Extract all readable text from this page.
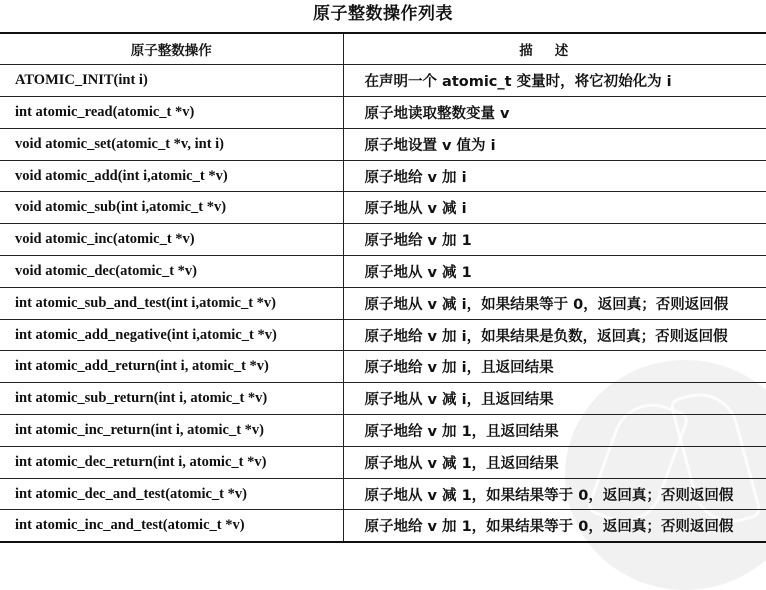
原子整数操作列表
原子整数操作	描述
ATOMIC_INIT(int i)	在声明一个 atomic_t 变量时，将它初始化为 i
int atomic_read(atomic_t *v)	原子地读取整数变量 v
void atomic_set(atomic_t *v, int i)	原子地设置 v 值为 i
void atomic_add(int i,atomic_t *v)	原子地给 v 加 i
void atomic_sub(int i,atomic_t *v)	原子地从 v 减 i
void atomic_inc(atomic_t *v)	原子地给 v 加 1
void atomic_dec(atomic_t *v)	原子地从 v 减 1
int atomic_sub_and_test(int i,atomic_t *v)	原子地从 v 减 i，如果结果等于 0，返回真；否则返回假
int atomic_add_negative(int i,atomic_t *v)	原子地给 v 加 i，如果结果是负数，返回真；否则返回假
int atomic_add_return(int i, atomic_t *v)	原子地给 v 加 i，且返回结果
int atomic_sub_return(int i, atomic_t *v)	原子地从 v 减 i，且返回结果
int atomic_inc_return(int i, atomic_t *v)	原子地给 v 加 1，且返回结果
int atomic_dec_return(int i, atomic_t *v)	原子地从 v 减 1，且返回结果
int atomic_dec_and_test(atomic_t *v)	原子地从 v 减 1，如果结果等于 0，返回真；否则返回假
int atomic_inc_and_test(atomic_t *v)	原子地给 v 加 1，如果结果等于 0，返回真；否则返回假
